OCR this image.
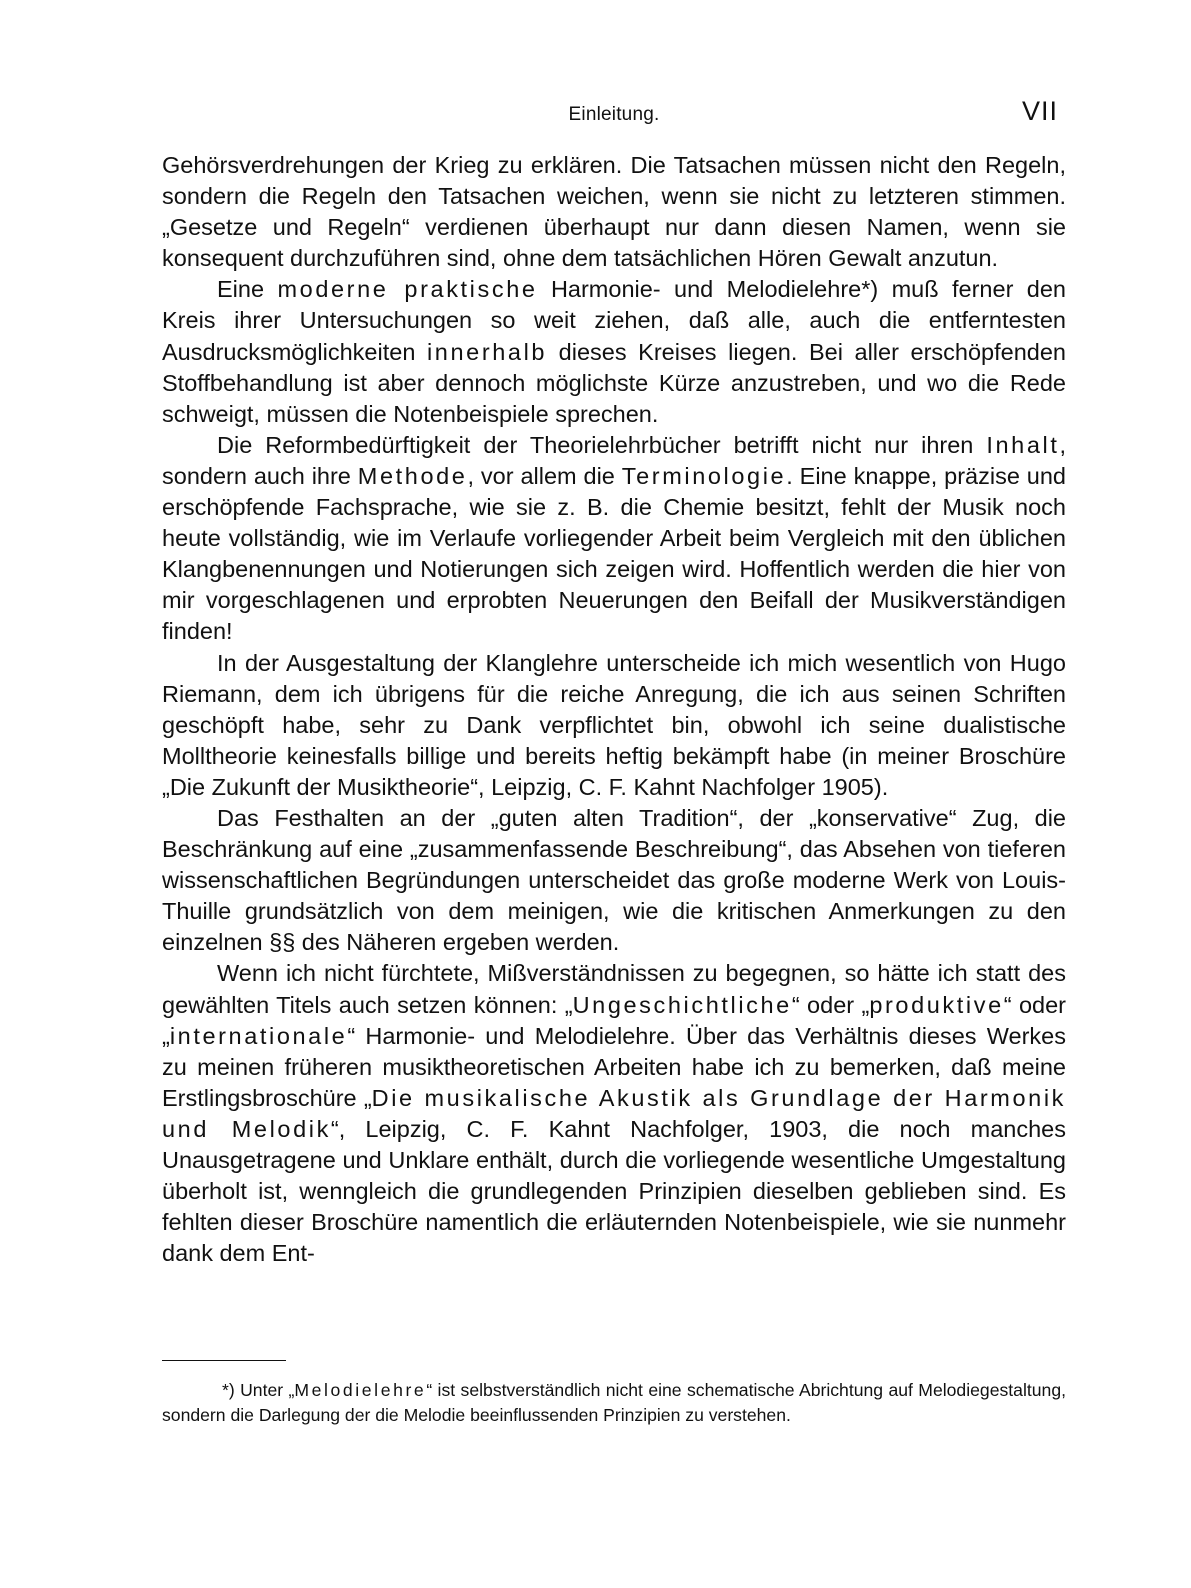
Einleitung.	VII

Gehörsverdrehungen der Krieg zu erklären. Die Tatsachen müssen nicht den Regeln, sondern die Regeln den Tatsachen weichen, wenn sie nicht zu letzteren stimmen. „Gesetze und Regeln“ verdienen überhaupt nur dann diesen Namen, wenn sie konsequent durchzuführen sind, ohne dem tatsächlichen Hören Gewalt anzutun.

Eine moderne praktische Harmonie- und Melodielehre*) muß ferner den Kreis ihrer Untersuchungen so weit ziehen, daß alle, auch die entferntesten Ausdrucksmöglichkeiten innerhalb dieses Kreises liegen. Bei aller erschöpfenden Stoffbehandlung ist aber dennoch möglichste Kürze anzustreben, und wo die Rede schweigt, müssen die Notenbeispiele sprechen.

Die Reformbedürftigkeit der Theorielehrbücher betrifft nicht nur ihren Inhalt, sondern auch ihre Methode, vor allem die Terminologie. Eine knappe, präzise und erschöpfende Fachsprache, wie sie z. B. die Chemie besitzt, fehlt der Musik noch heute vollständig, wie im Verlaufe vorliegender Arbeit beim Vergleich mit den üblichen Klangbenennungen und Notierungen sich zeigen wird. Hoffentlich werden die hier von mir vorgeschlagenen und erprobten Neuerungen den Beifall der Musikverständigen finden!

In der Ausgestaltung der Klanglehre unterscheide ich mich wesentlich von Hugo Riemann, dem ich übrigens für die reiche Anregung, die ich aus seinen Schriften geschöpft habe, sehr zu Dank verpflichtet bin, obwohl ich seine dualistische Molltheorie keinesfalls billige und bereits heftig bekämpft habe (in meiner Broschüre „Die Zukunft der Musiktheorie“, Leipzig, C. F. Kahnt Nachfolger 1905).

Das Festhalten an der „guten alten Tradition“, der „konservative“ Zug, die Beschränkung auf eine „zusammenfassende Beschreibung“, das Absehen von tieferen wissenschaftlichen Begründungen unterscheidet das große moderne Werk von Louis-Thuille grundsätzlich von dem meinigen, wie die kritischen Anmerkungen zu den einzelnen §§ des Näheren ergeben werden.

Wenn ich nicht fürchtete, Mißverständnissen zu begegnen, so hätte ich statt des gewählten Titels auch setzen können: „Ungeschichtliche“ oder „produktive“ oder „internationale“ Harmonie- und Melodielehre. Über das Verhältnis dieses Werkes zu meinen früheren musiktheoretischen Arbeiten habe ich zu bemerken, daß meine Erstlingsbroschüre „Die musikalische Akustik als Grundlage der Harmonik und Melodik“, Leipzig, C. F. Kahnt Nachfolger, 1903, die noch manches Unausgetragene und Unklare enthält, durch die vorliegende wesentliche Umgestaltung überholt ist, wenngleich die grundlegenden Prinzipien dieselben geblieben sind. Es fehlten dieser Broschüre namentlich die erläuternden Notenbeispiele, wie sie nunmehr dank dem Ent-

*) Unter „Melodielehre“ ist selbstverständlich nicht eine schematische Abrichtung auf Melodiegestaltung, sondern die Darlegung der die Melodie beeinflussenden Prinzipien zu verstehen.
